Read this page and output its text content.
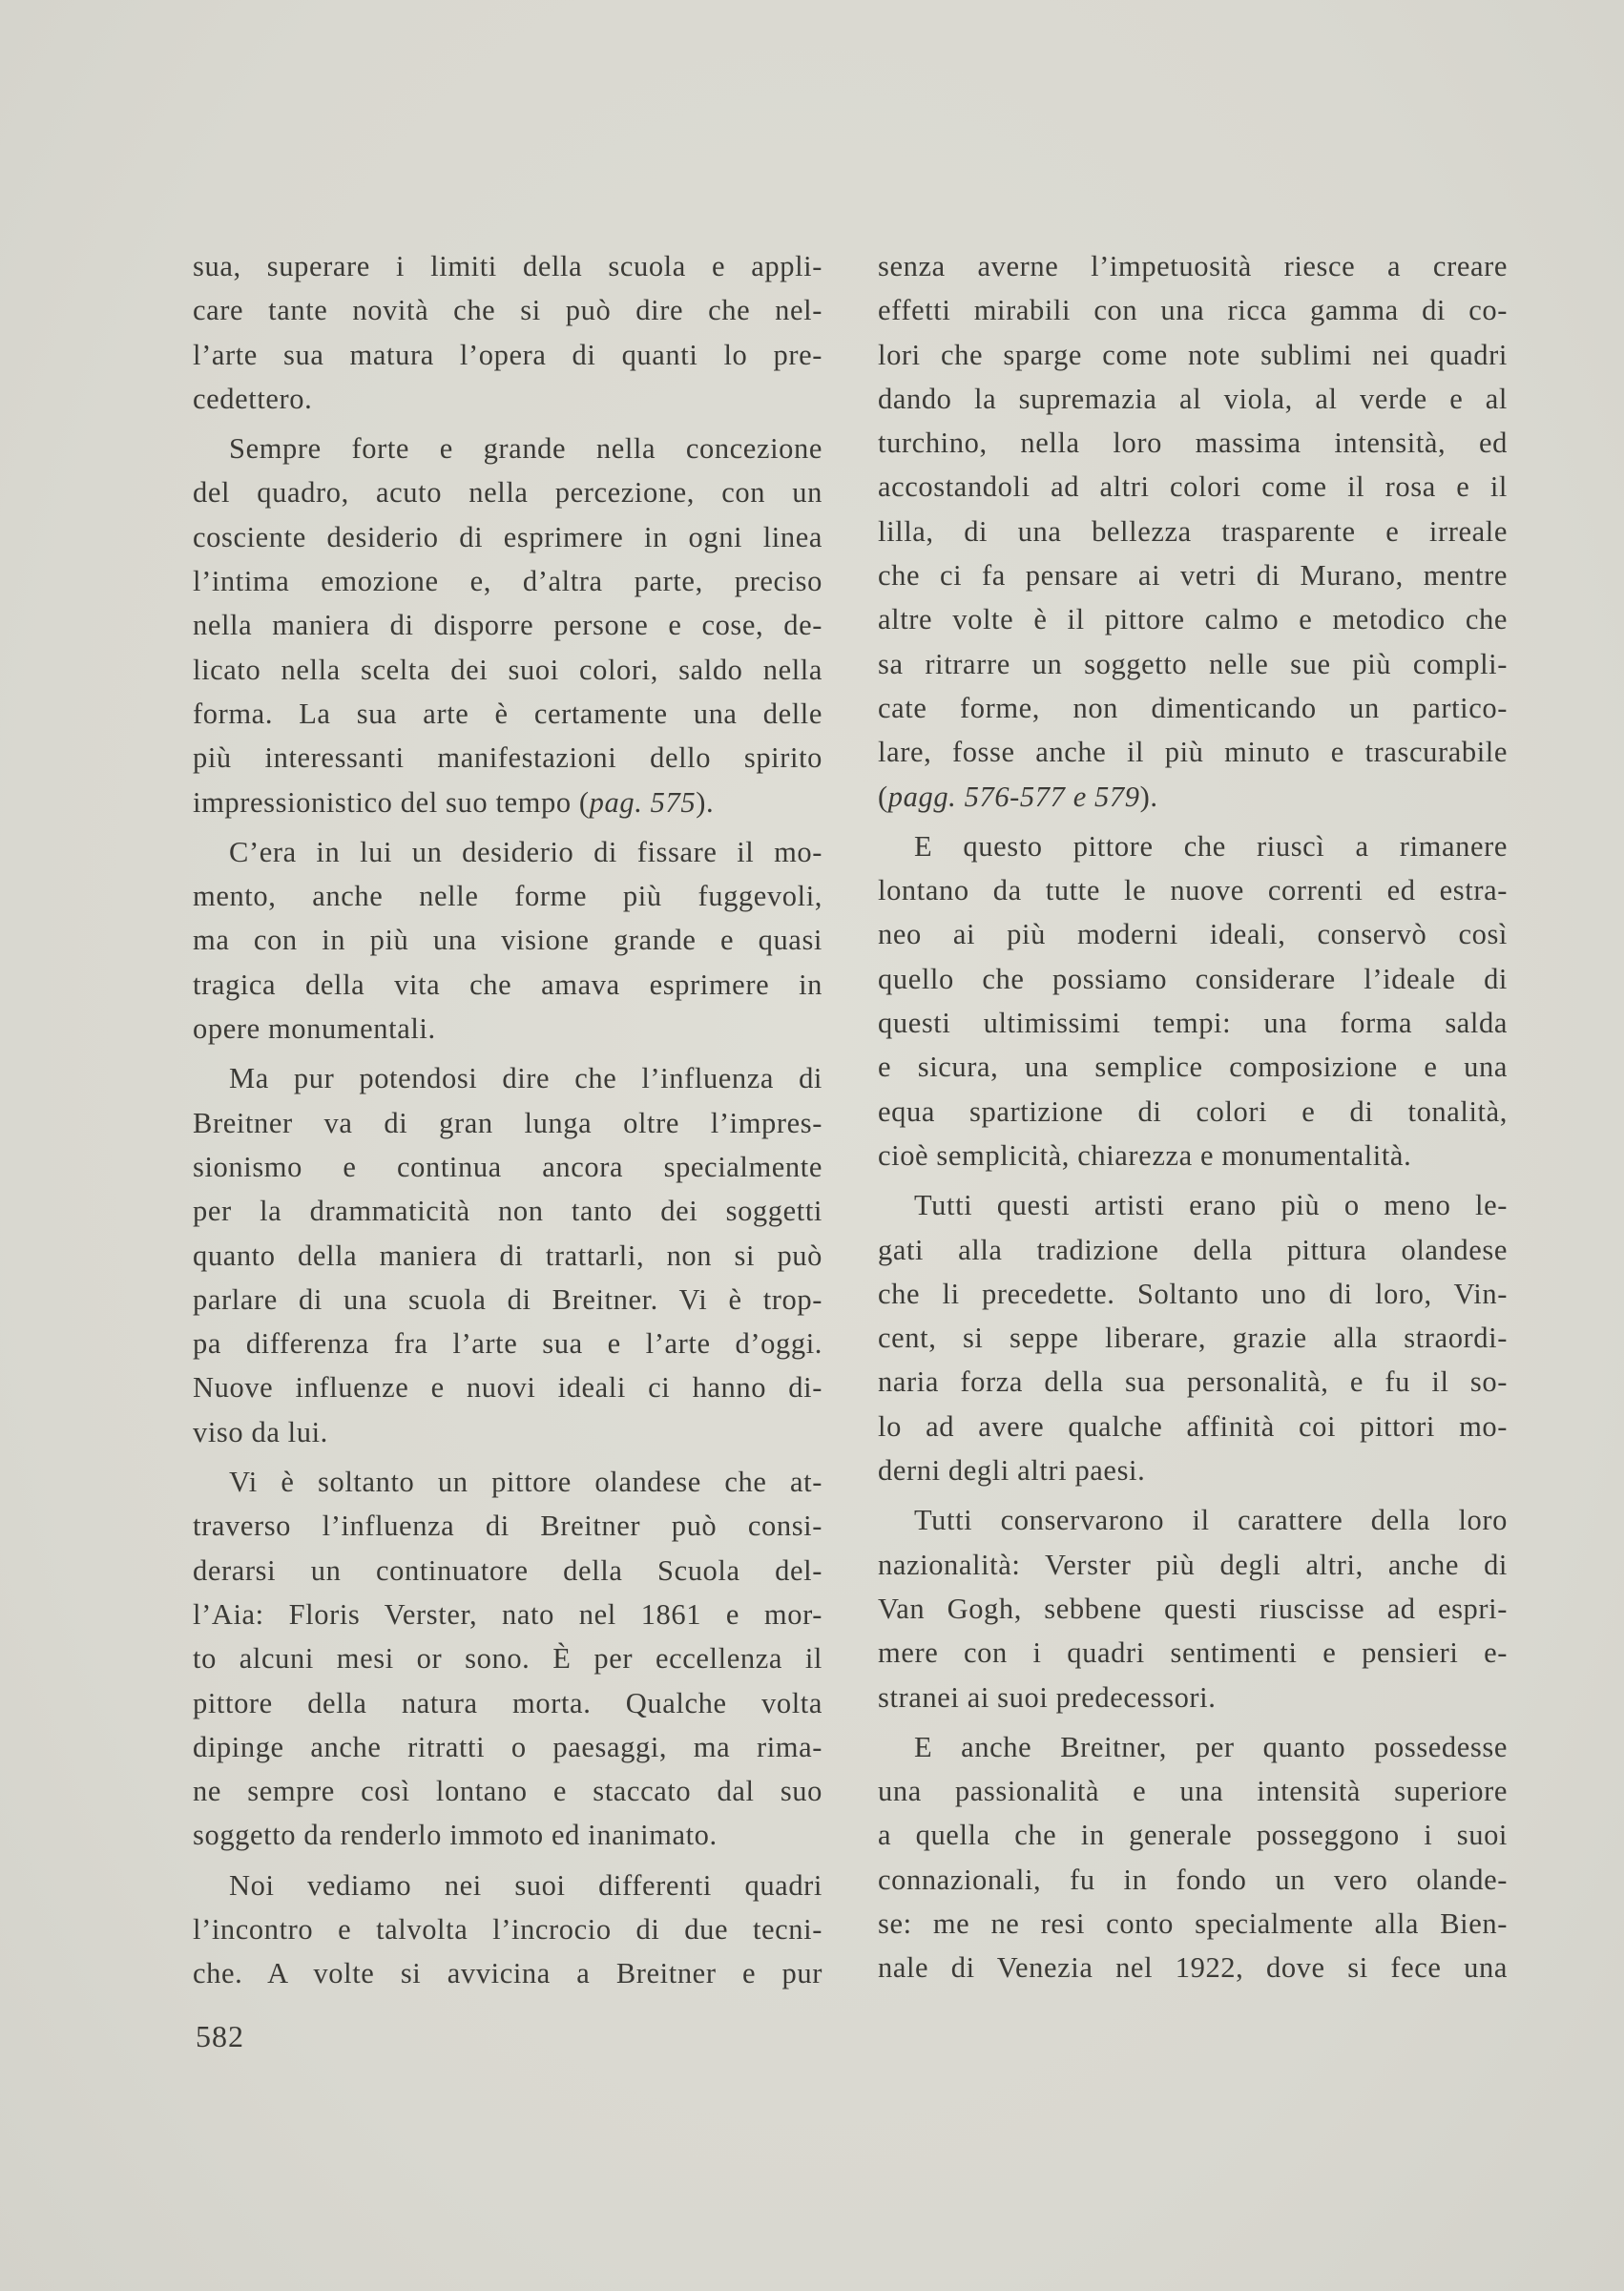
sua, superare i limiti della scuola e appli-
care tante novità che si può dire che nel-
l’arte sua matura l’opera di quanti lo pre-
cedettero.
Sempre forte e grande nella concezione
del quadro, acuto nella percezione, con un
cosciente desiderio di esprimere in ogni linea
l’intima emozione e, d’altra parte, preciso
nella maniera di disporre persone e cose, de-
licato nella scelta dei suoi colori, saldo nella
forma. La sua arte è certamente una delle
più interessanti manifestazioni dello spirito
impressionistico del suo tempo (pag. 575).
C’era in lui un desiderio di fissare il mo-
mento, anche nelle forme più fuggevoli,
ma con in più una visione grande e quasi
tragica della vita che amava esprimere in
opere monumentali.
Ma pur potendosi dire che l’influenza di
Breitner va di gran lunga oltre l’impres-
sionismo e continua ancora specialmente
per la drammaticità non tanto dei soggetti
quanto della maniera di trattarli, non si può
parlare di una scuola di Breitner. Vi è trop-
pa differenza fra l’arte sua e l’arte d’oggi.
Nuove influenze e nuovi ideali ci hanno di-
viso da lui.
Vi è soltanto un pittore olandese che at-
traverso l’influenza di Breitner può consi-
derarsi un continuatore della Scuola del-
l’Aia: Floris Verster, nato nel 1861 e mor-
to alcuni mesi or sono. È per eccellenza il
pittore della natura morta. Qualche volta
dipinge anche ritratti o paesaggi, ma rima-
ne sempre così lontano e staccato dal suo
soggetto da renderlo immoto ed inanimato.
Noi vediamo nei suoi differenti quadri
l’incontro e talvolta l’incrocio di due tecni-
che. A volte si avvicina a Breitner e pur
senza averne l’impetuosità riesce a creare
effetti mirabili con una ricca gamma di co-
lori che sparge come note sublimi nei quadri
dando la supremazia al viola, al verde e al
turchino, nella loro massima intensità, ed
accostandoli ad altri colori come il rosa e il
lilla, di una bellezza trasparente e irreale
che ci fa pensare ai vetri di Murano, mentre
altre volte è il pittore calmo e metodico che
sa ritrarre un soggetto nelle sue più compli-
cate forme, non dimenticando un partico-
lare, fosse anche il più minuto e trascurabile
(pagg. 576-577 e 579).
E questo pittore che riuscì a rimanere
lontano da tutte le nuove correnti ed estra-
neo ai più moderni ideali, conservò così
quello che possiamo considerare l’ideale di
questi ultimissimi tempi: una forma salda
e sicura, una semplice composizione e una
equa spartizione di colori e di tonalità,
cioè semplicità, chiarezza e monumentalità.
Tutti questi artisti erano più o meno le-
gati alla tradizione della pittura olandese
che li precedette. Soltanto uno di loro, Vin-
cent, si seppe liberare, grazie alla straordi-
naria forza della sua personalità, e fu il so-
lo ad avere qualche affinità coi pittori mo-
derni degli altri paesi.
Tutti conservarono il carattere della loro
nazionalità: Verster più degli altri, anche di
Van Gogh, sebbene questi riuscisse ad espri-
mere con i quadri sentimenti e pensieri e-
stranei ai suoi predecessori.
E anche Breitner, per quanto possedesse
una passionalità e una intensità superiore
a quella che in generale posseggono i suoi
connazionali, fu in fondo un vero olande-
se: me ne resi conto specialmente alla Bien-
nale di Venezia nel 1922, dove si fece una
582
